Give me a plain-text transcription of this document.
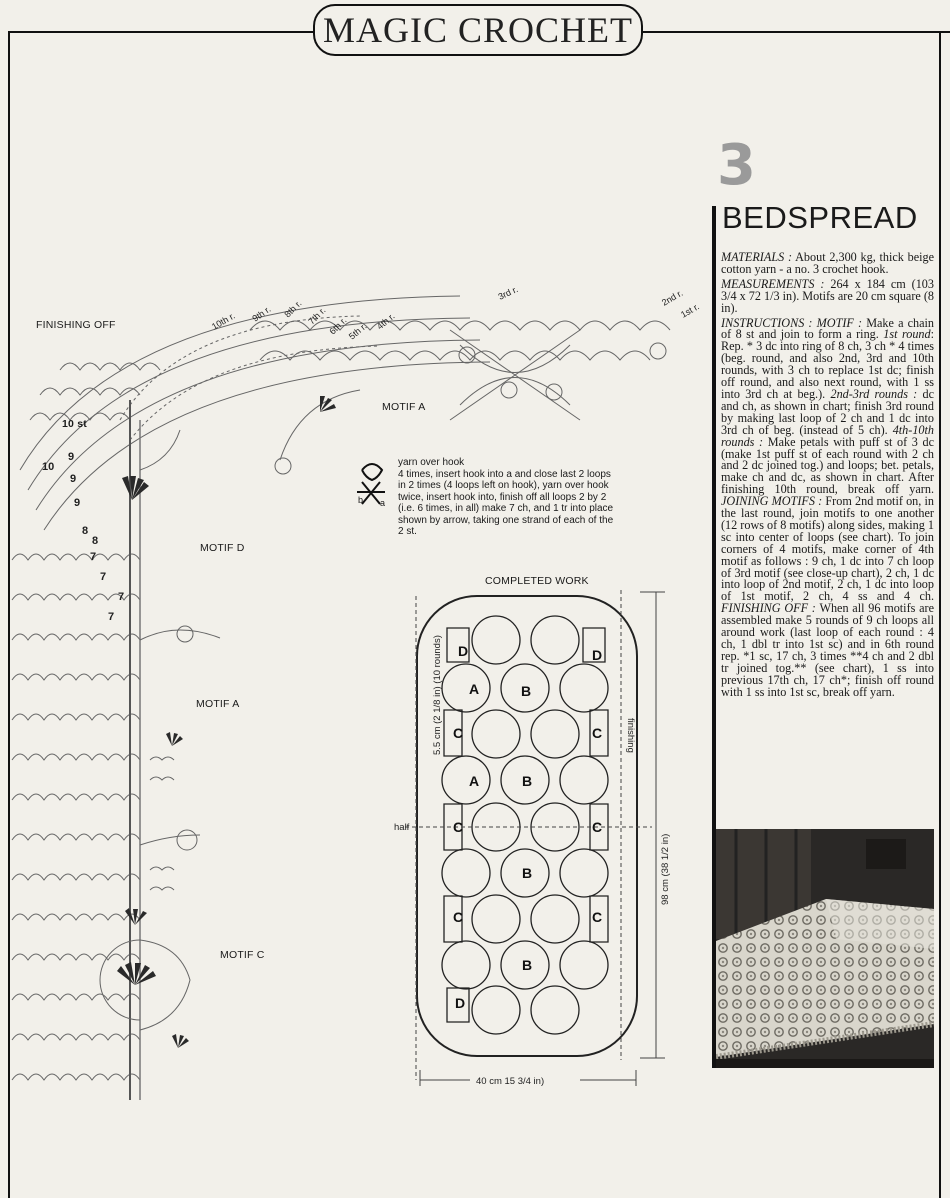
MAGIC CROCHET
3
BEDSPREAD

MATERIALS : About 2,300 kg, thick beige cotton yarn - a no. 3 crochet hook.

MEASUREMENTS : 264 x 184 cm (103 3/4 x 72 1/3 in). Motifs are 20 cm square (8 in).

INSTRUCTIONS : MOTIF : Make a chain of 8 st and join to form a ring. 1st round: Rep. * 3 dc into ring of 8 ch, 3 ch * 4 times (beg. round, and also 2nd, 3rd and 10th rounds, with 3 ch to replace 1st dc; finish off round, and also next round, with 1 ss into 3rd ch at beg.). 2nd-3rd rounds : dc and ch, as shown in chart; finish 3rd round by making last loop of 2 ch and 1 dc into 3rd ch of beg. (instead of 5 ch). 4th-10th rounds : Make petals with puff st of 3 dc (make 1st puff st of each round with 2 ch and 2 dc joined tog.) and loops; bet. petals, make ch and dc, as shown in chart. After finishing 10th round, break off yarn. JOINING MOTIFS : From 2nd motif on, in the last round, join motifs to one another (12 rows of 8 motifs) along sides, making 1 sc into center of loops (see chart). To join corners of 4 motifs, make corner of 4th motif as follows : 9 ch, 1 dc into 7 ch loop of 3rd motif (see close-up chart), 2 ch, 1 dc into loop of 2nd motif, 2 ch, 1 dc into loop of 1st motif, 2 ch, 4 ss and 4 ch. FINISHING OFF : When all 96 motifs are assembled make 5 rounds of 9 ch loops all around work (last loop of each round : 4 ch, 1 dbl tr into 1st sc) and in 6th round rep. *1 sc, 17 ch, 3 times **4 ch and 2 dbl tr joined tog.** (see chart), 1 ss into previous 17th ch, 17 ch*; finish off round with 1 ss into 1st sc, break off yarn.

10
9
9
9
8
8
7
7
7
7
1st r.
2nd r.
3rd r.
4th r.
5th r.
6th r.
7th r.
8th r.
9th r.
10th r.
D	D
A	B
C	C
A	B
C	C
B
C	C
B
D
5.5 cm (2 1/8 in) (10 rounds)	finishing
98 cm (38 1/2 in)
half
40 cm 15 3/4 in)
FINISHING OFF
MOTIF A
MOTIF D
MOTIF A
MOTIF C
10 st
COMPLETED WORK
b a
yarn over hook
4 times, insert hook into a and close last 2 loops in 2 times (4 loops left on hook), yarn over hook twice, insert hook into, finish off all loops 2 by 2 (i.e. 6 times, in all) make 7 ch, and 1 tr into place shown by arrow, taking one strand of each of the 2 st.
